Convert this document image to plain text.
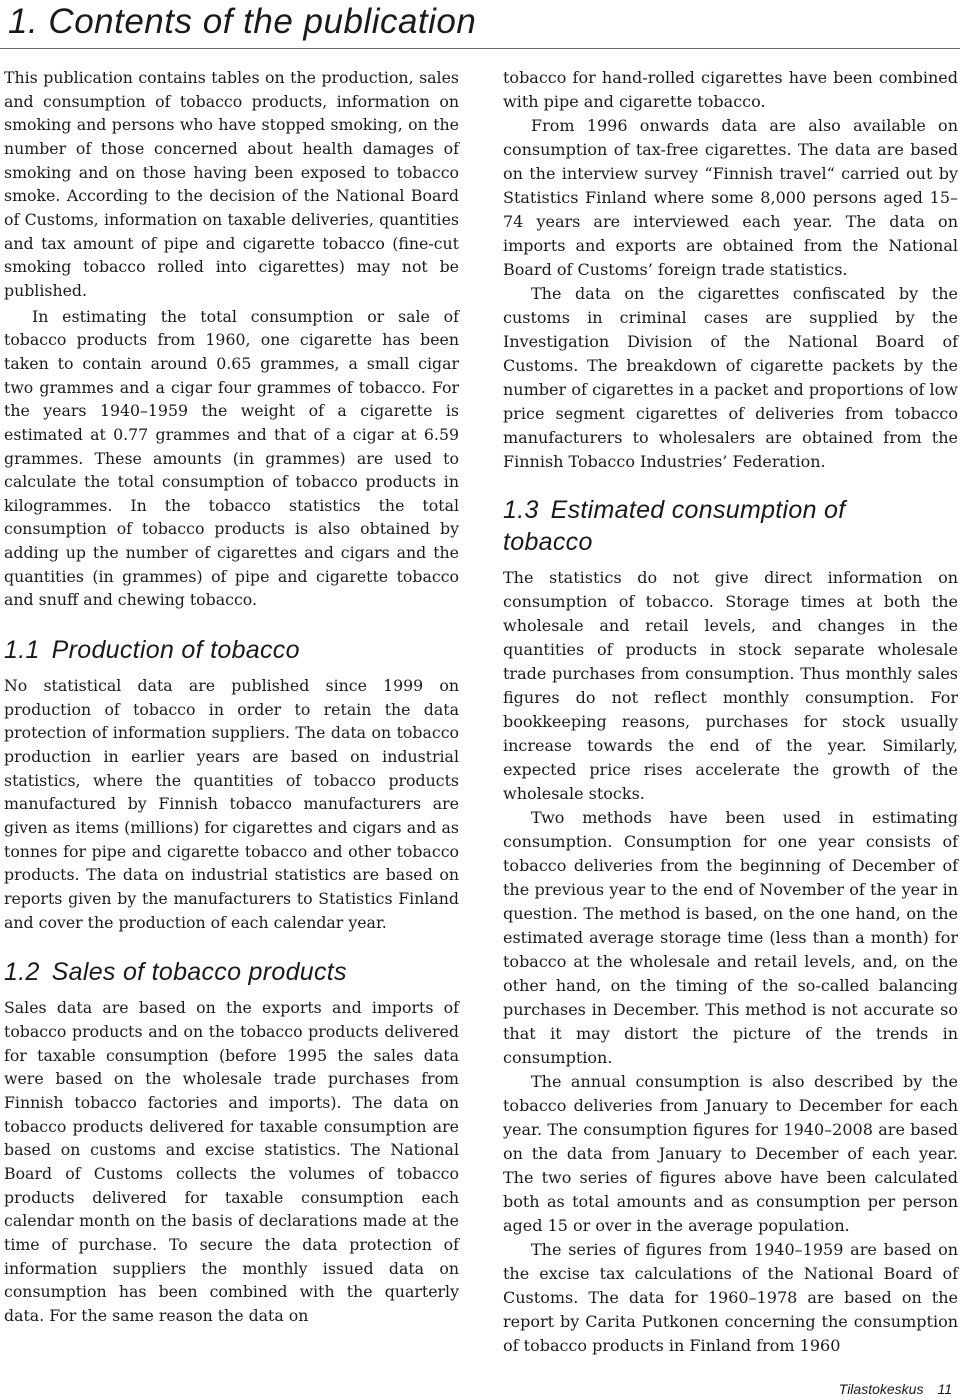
1. Contents of the publication

This publication contains tables on the production, sales and consumption of tobacco products, information on smoking and persons who have stopped smoking, on the number of those concerned about health damages of smoking and on those having been exposed to tobacco smoke. According to the decision of the National Board of Customs, information on taxable deliveries, quantities and tax amount of pipe and cigarette tobacco (fine-cut smoking tobacco rolled into cigarettes) may not be published.

In estimating the total consumption or sale of tobacco products from 1960, one cigarette has been taken to contain around 0.65 grammes, a small cigar two grammes and a cigar four grammes of tobacco. For the years 1940–1959 the weight of a cigarette is estimated at 0.77 grammes and that of a cigar at 6.59 grammes. These amounts (in grammes) are used to calculate the total consumption of tobacco products in kilogrammes. In the tobacco statistics the total consumption of tobacco products is also obtained by adding up the number of cigarettes and cigars and the quantities (in grammes) of pipe and cigarette tobacco and snuff and chewing tobacco.

1.1 Production of tobacco

No statistical data are published since 1999 on production of tobacco in order to retain the data protection of information suppliers. The data on tobacco production in earlier years are based on industrial statistics, where the quantities of tobacco products manufactured by Finnish tobacco manufacturers are given as items (millions) for cigarettes and cigars and as tonnes for pipe and cigarette tobacco and other tobacco products. The data on industrial statistics are based on reports given by the manufacturers to Statistics Finland and cover the production of each calendar year.

1.2 Sales of tobacco products

Sales data are based on the exports and imports of tobacco products and on the tobacco products delivered for taxable consumption (before 1995 the sales data were based on the wholesale trade purchases from Finnish tobacco factories and imports). The data on tobacco products delivered for taxable consumption are based on customs and excise statistics. The National Board of Customs collects the volumes of tobacco products delivered for taxable consumption each calendar month on the basis of declarations made at the time of purchase. To secure the data protection of information suppliers the monthly issued data on consumption has been combined with the quarterly data. For the same reason the data on

tobacco for hand-rolled cigarettes have been combined with pipe and cigarette tobacco.

From 1996 onwards data are also available on consumption of tax-free cigarettes. The data are based on the interview survey “Finnish travel“ carried out by Statistics Finland where some 8,000 persons aged 15–74 years are interviewed each year. The data on imports and exports are obtained from the National Board of Customs’ foreign trade statistics.

The data on the cigarettes confiscated by the customs in criminal cases are supplied by the Investigation Division of the National Board of Customs. The breakdown of cigarette packets by the number of cigarettes in a packet and proportions of low price segment cigarettes of deliveries from tobacco manufacturers to wholesalers are obtained from the Finnish Tobacco Industries’ Federation.

1.3 Estimated consumption of tobacco

The statistics do not give direct information on consumption of tobacco. Storage times at both the wholesale and retail levels, and changes in the quantities of products in stock separate wholesale trade purchases from consumption. Thus monthly sales figures do not reflect monthly consumption. For bookkeeping reasons, purchases for stock usually increase towards the end of the year. Similarly, expected price rises accelerate the growth of the wholesale stocks.

Two methods have been used in estimating consumption. Consumption for one year consists of tobacco deliveries from the beginning of December of the previous year to the end of November of the year in question. The method is based, on the one hand, on the estimated average storage time (less than a month) for tobacco at the wholesale and retail levels, and, on the other hand, on the timing of the so-called balancing purchases in December. This method is not accurate so that it may distort the picture of the trends in consumption.

The annual consumption is also described by the tobacco deliveries from January to December for each year. The consumption figures for 1940–2008 are based on the data from January to December of each year. The two series of figures above have been calculated both as total amounts and as consumption per person aged 15 or over in the average population.

The series of figures from 1940–1959 are based on the excise tax calculations of the National Board of Customs. The data for 1960–1978 are based on the report by Carita Putkonen concerning the consumption of tobacco products in Finland from 1960

Tilastokeskus 11
